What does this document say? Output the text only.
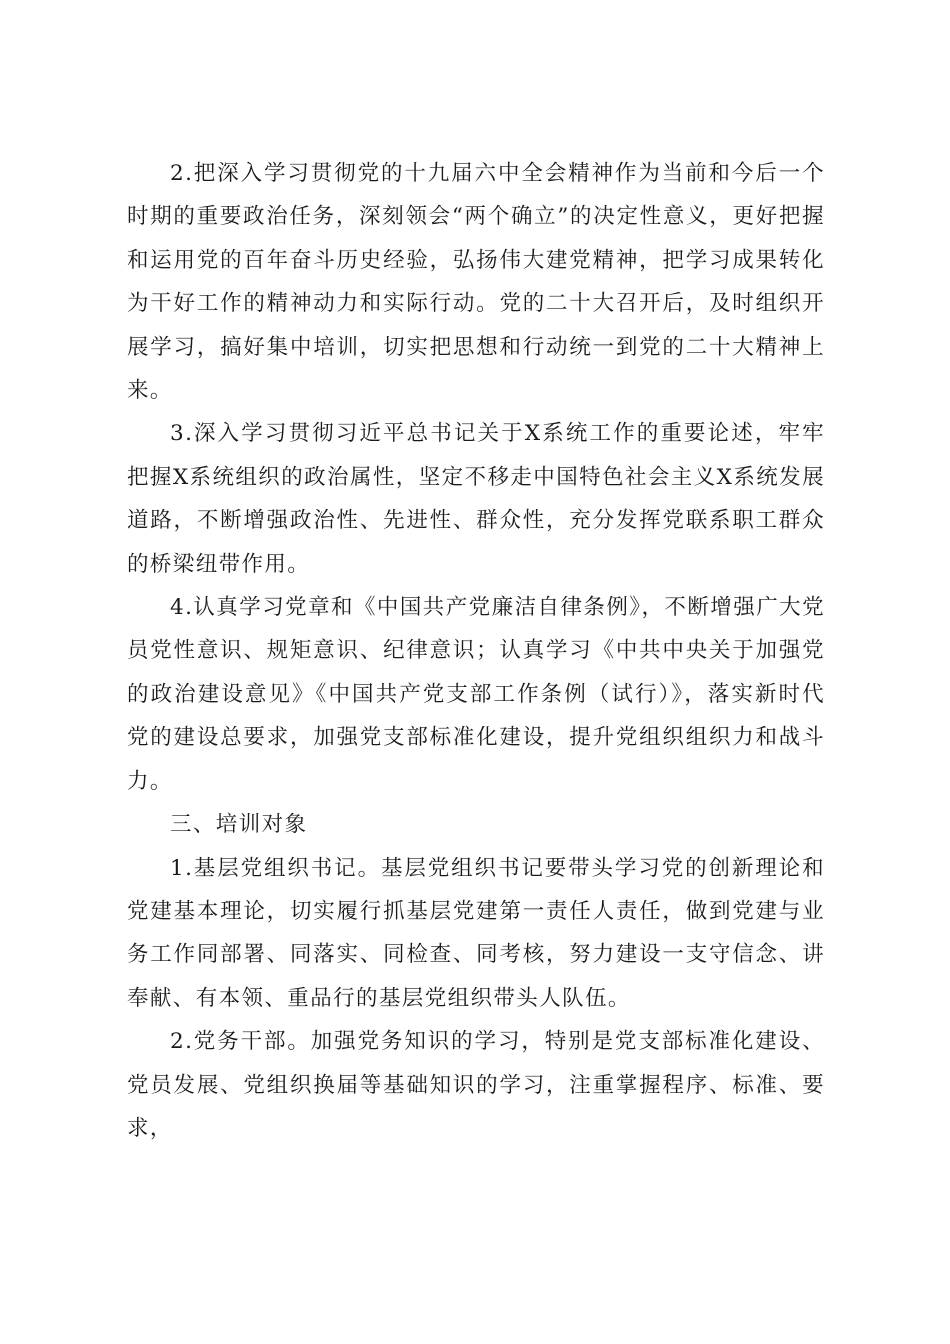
2.把深入学习贯彻党的十九届六中全会精神作为当前和今后一个时期的重要政治任务，深刻领会“两个确立”的决定性意义，更好把握和运用党的百年奋斗历史经验，弘扬伟大建党精神，把学习成果转化为干好工作的精神动力和实际行动。党的二十大召开后，及时组织开展学习，搞好集中培训，切实把思想和行动统一到党的二十大精神上来。

3.深入学习贯彻习近平总书记关于X系统工作的重要论述，牢牢把握X系统组织的政治属性，坚定不移走中国特色社会主义X系统发展道路，不断增强政治性、先进性、群众性，充分发挥党联系职工群众的桥梁纽带作用。

4.认真学习党章和《中国共产党廉洁自律条例》，不断增强广大党员党性意识、规矩意识、纪律意识；认真学习《中共中央关于加强党的政治建设意见》《中国共产党支部工作条例（试行）》，落实新时代党的建设总要求，加强党支部标准化建设，提升党组织组织力和战斗力。

三、培训对象

1.基层党组织书记。基层党组织书记要带头学习党的创新理论和党建基本理论，切实履行抓基层党建第一责任人责任，做到党建与业务工作同部署、同落实、同检查、同考核，努力建设一支守信念、讲奉献、有本领、重品行的基层党组织带头人队伍。

2.党务干部。加强党务知识的学习，特别是党支部标准化建设、党员发展、党组织换届等基础知识的学习，注重掌握程序、标准、要求，
